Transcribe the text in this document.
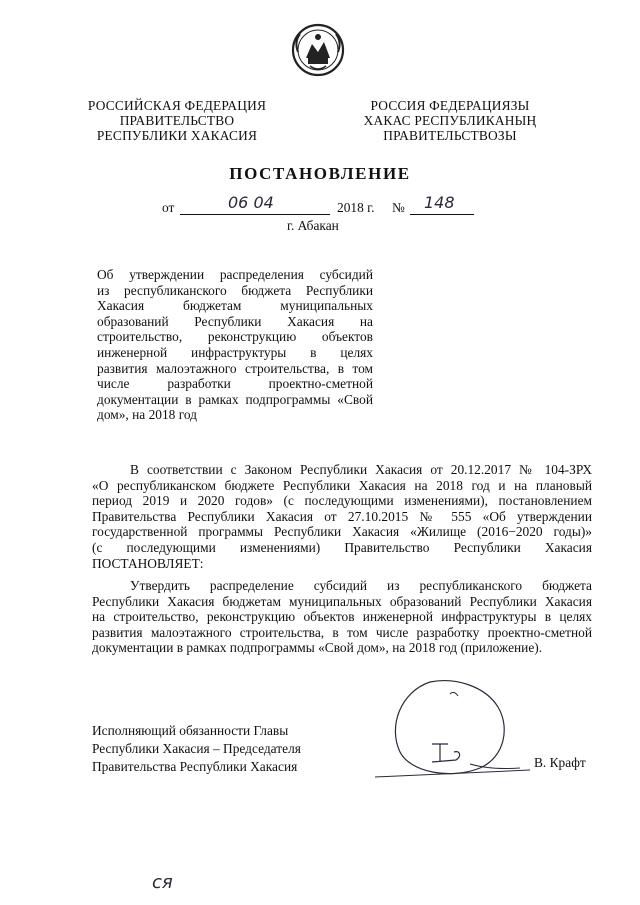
РОССИЙСКАЯ ФЕДЕРАЦИЯ
ПРАВИТЕЛЬСТВО
РЕСПУБЛИКИ ХАКАСИЯ
РОССИЯ ФЕДЕРАЦИЯЗЫ
ХАКАС РЕСПУБЛИКАНЫҢ
ПРАВИТЕЛЬСТВОЗЫ
ПОСТАНОВЛЕНИЕ
от	06 04	2018 г. № 148
г. Абакан
Об утверждении распределения субсидий
из республиканского бюджета Республики
Хакасия бюджетам муниципальных
образований Республики Хакасия на
строительство, реконструкцию объектов
инженерной инфраструктуры в целях
развития малоэтажного строительства, в том
числе разработки проектно-сметной
документации в рамках подпрограммы «Свой
дом», на 2018 год
В соответствии с Законом Республики Хакасия от 20.12.2017 № 104-ЗРХ
«О республиканском бюджете Республики Хакасия на 2018 год и на плановый
период 2019 и 2020 годов» (с последующими изменениями), постановлением
Правительства Республики Хакасия от 27.10.2015 № 555 «Об утверждении
государственной программы Республики Хакасия «Жилище (2016−2020 годы)»
(с последующими изменениями) Правительство Республики Хакасия
ПОСТАНОВЛЯЕТ:
Утвердить распределение субсидий из республиканского бюджета
Республики Хакасия бюджетам муниципальных образований Республики Хакасия
на строительство, реконструкцию объектов инженерной инфраструктуры в целях
развития малоэтажного строительства, в том числе разработку проектно-сметной
документации в рамках подпрограммы «Свой дом», на 2018 год (приложение).
Исполняющий обязанности Главы
Республики Хакасия – Председателя
Правительства Республики Хакасия	В. Крафт
ся
